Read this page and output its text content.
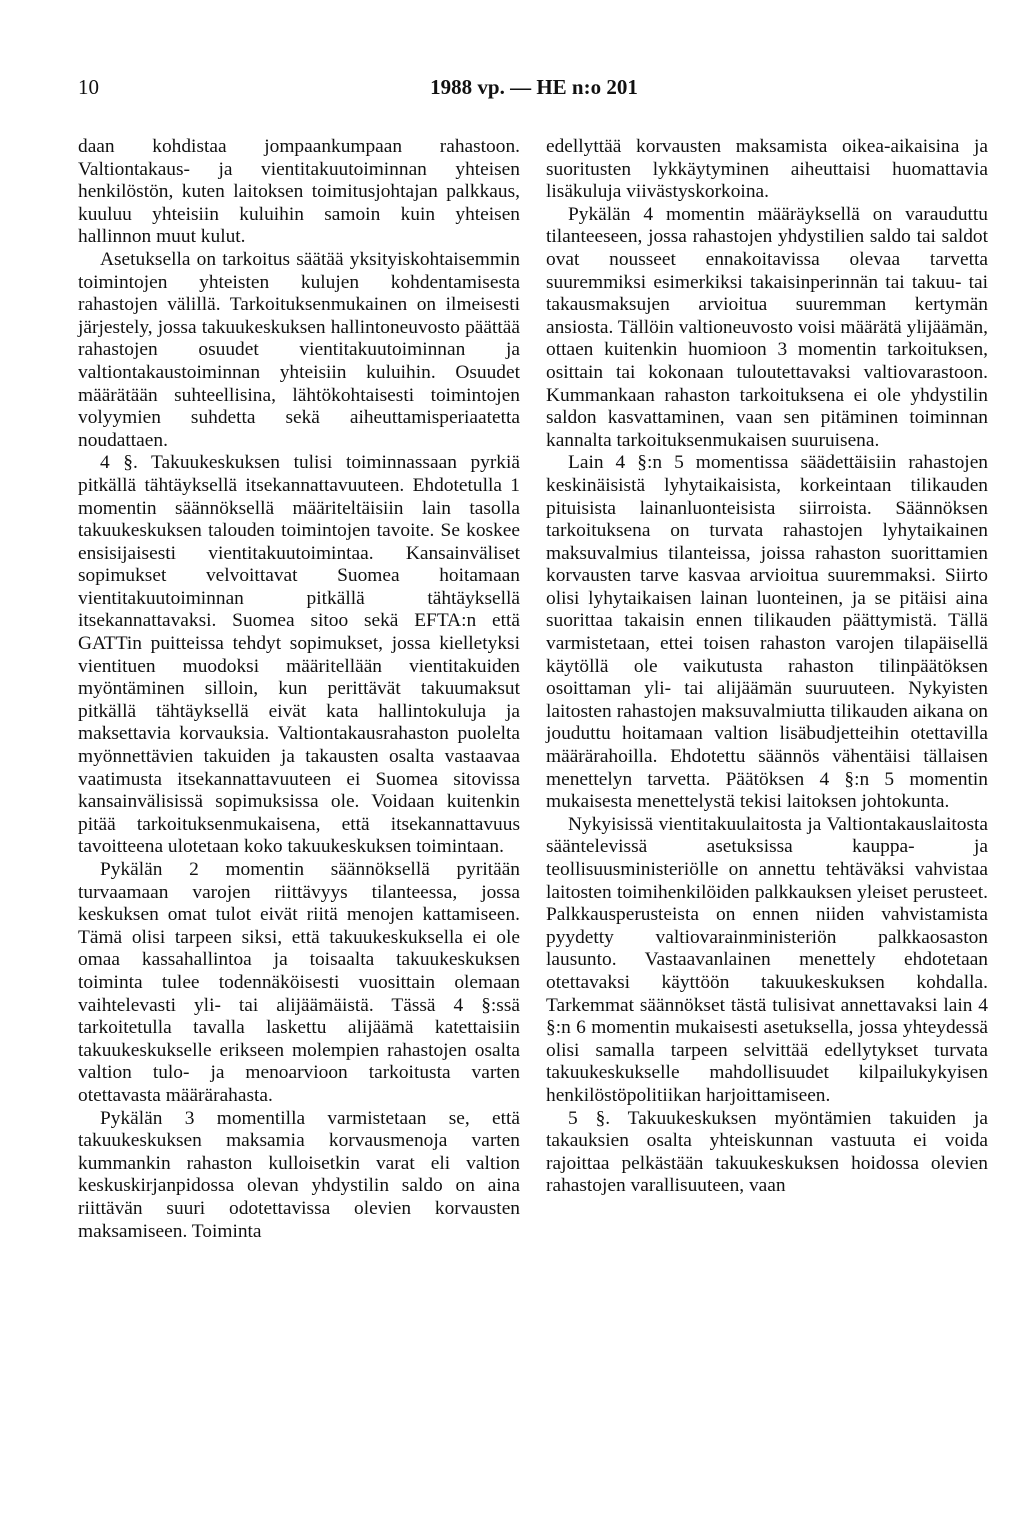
10	1988 vp. — HE n:o 201

daan kohdistaa jompaankumpaan rahastoon. Valtiontakaus- ja vientitakuutoiminnan yhteisen henkilöstön, kuten laitoksen toimitusjohtajan palkkaus, kuuluu yhteisiin kuluihin samoin kuin yhteisen hallinnon muut kulut.

Asetuksella on tarkoitus säätää yksityiskohtaisemmin toimintojen yhteisten kulujen kohdentamisesta rahastojen välillä. Tarkoituksenmukainen on ilmeisesti järjestely, jossa takuukeskuksen hallintoneuvosto päättää rahastojen osuudet vientitakuutoiminnan ja valtiontakaustoiminnan yhteisiin kuluihin. Osuudet määrätään suhteellisina, lähtökohtaisesti toimintojen volyymien suhdetta sekä aiheuttamisperiaatetta noudattaen.

4 §. Takuukeskuksen tulisi toiminnassaan pyrkiä pitkällä tähtäyksellä itsekannattavuuteen. Ehdotetulla 1 momentin säännöksellä määriteltäisiin lain tasolla takuukeskuksen talouden toimintojen tavoite. Se koskee ensisijaisesti vientitakuutoimintaa. Kansainväliset sopimukset velvoittavat Suomea hoitamaan vientitakuutoiminnan pitkällä tähtäyksellä itsekannattavaksi. Suomea sitoo sekä EFTA:n että GATTin puitteissa tehdyt sopimukset, jossa kielletyksi vientituen muodoksi määritellään vientitakuiden myöntäminen silloin, kun perittävät takuumaksut pitkällä tähtäyksellä eivät kata hallintokuluja ja maksettavia korvauksia. Valtiontakausrahaston puolelta myönnettävien takuiden ja takausten osalta vastaavaa vaatimusta itsekannattavuuteen ei Suomea sitovissa kansainvälisissä sopimuksissa ole. Voidaan kuitenkin pitää tarkoituksenmukaisena, että itsekannattavuus tavoitteena ulotetaan koko takuukeskuksen toimintaan.

Pykälän 2 momentin säännöksellä pyritään turvaamaan varojen riittävyys tilanteessa, jossa keskuksen omat tulot eivät riitä menojen kattamiseen. Tämä olisi tarpeen siksi, että takuukeskuksella ei ole omaa kassahallintoa ja toisaalta takuukeskuksen toiminta tulee todennäköisesti vuosittain olemaan vaihtelevasti yli- tai alijäämäistä. Tässä 4 §:ssä tarkoitetulla tavalla laskettu alijäämä katettaisiin takuukeskukselle erikseen molempien rahastojen osalta valtion tulo- ja menoarvioon tarkoitusta varten otettavasta määrärahasta.

Pykälän 3 momentilla varmistetaan se, että takuukeskuksen maksamia korvausmenoja varten kummankin rahaston kulloisetkin varat eli valtion keskuskirjanpidossa olevan yhdystilin saldo on aina riittävän suuri odotettavissa olevien korvausten maksamiseen. Toiminta

edellyttää korvausten maksamista oikea-aikaisina ja suoritusten lykkäytyminen aiheuttaisi huomattavia lisäkuluja viivästyskorkoina.

Pykälän 4 momentin määräyksellä on varauduttu tilanteeseen, jossa rahastojen yhdystilien saldo tai saldot ovat nousseet ennakoitavissa olevaa tarvetta suuremmiksi esimerkiksi takaisinperinnän tai takuu- tai takausmaksujen arvioitua suuremman kertymän ansiosta. Tällöin valtioneuvosto voisi määrätä ylijäämän, ottaen kuitenkin huomioon 3 momentin tarkoituksen, osittain tai kokonaan tuloutettavaksi valtiovarastoon. Kummankaan rahaston tarkoituksena ei ole yhdystilin saldon kasvattaminen, vaan sen pitäminen toiminnan kannalta tarkoituksenmukaisen suuruisena.

Lain 4 §:n 5 momentissa säädettäisiin rahastojen keskinäisistä lyhytaikaisista, korkeintaan tilikauden pituisista lainanluonteisista siirroista. Säännöksen tarkoituksena on turvata rahastojen lyhytaikainen maksuvalmius tilanteissa, joissa rahaston suorittamien korvausten tarve kasvaa arvioitua suuremmaksi. Siirto olisi lyhytaikaisen lainan luonteinen, ja se pitäisi aina suorittaa takaisin ennen tilikauden päättymistä. Tällä varmistetaan, ettei toisen rahaston varojen tilapäisellä käytöllä ole vaikutusta rahaston tilinpäätöksen osoittaman yli- tai alijäämän suuruuteen. Nykyisten laitosten rahastojen maksuvalmiutta tilikauden aikana on jouduttu hoitamaan valtion lisäbudjetteihin otettavilla määrärahoilla. Ehdotettu säännös vähentäisi tällaisen menettelyn tarvetta. Päätöksen 4 §:n 5 momentin mukaisesta menettelystä tekisi laitoksen johtokunta.

Nykyisissä vientitakuulaitosta ja Valtiontakauslaitosta sääntelevissä asetuksissa kauppa- ja teollisuusministeriölle on annettu tehtäväksi vahvistaa laitosten toimihenkilöiden palkkauksen yleiset perusteet. Palkkausperusteista on ennen niiden vahvistamista pyydetty valtiovarainministeriön palkkaosaston lausunto. Vastaavanlainen menettely ehdotetaan otettavaksi käyttöön takuukeskuksen kohdalla. Tarkemmat säännökset tästä tulisivat annettavaksi lain 4 §:n 6 momentin mukaisesti asetuksella, jossa yhteydessä olisi samalla tarpeen selvittää edellytykset turvata takuukeskukselle mahdollisuudet kilpailukykyisen henkilöstöpolitiikan harjoittamiseen.

5 §. Takuukeskuksen myöntämien takuiden ja takauksien osalta yhteiskunnan vastuuta ei voida rajoittaa pelkästään takuukeskuksen hoidossa olevien rahastojen varallisuuteen, vaan
